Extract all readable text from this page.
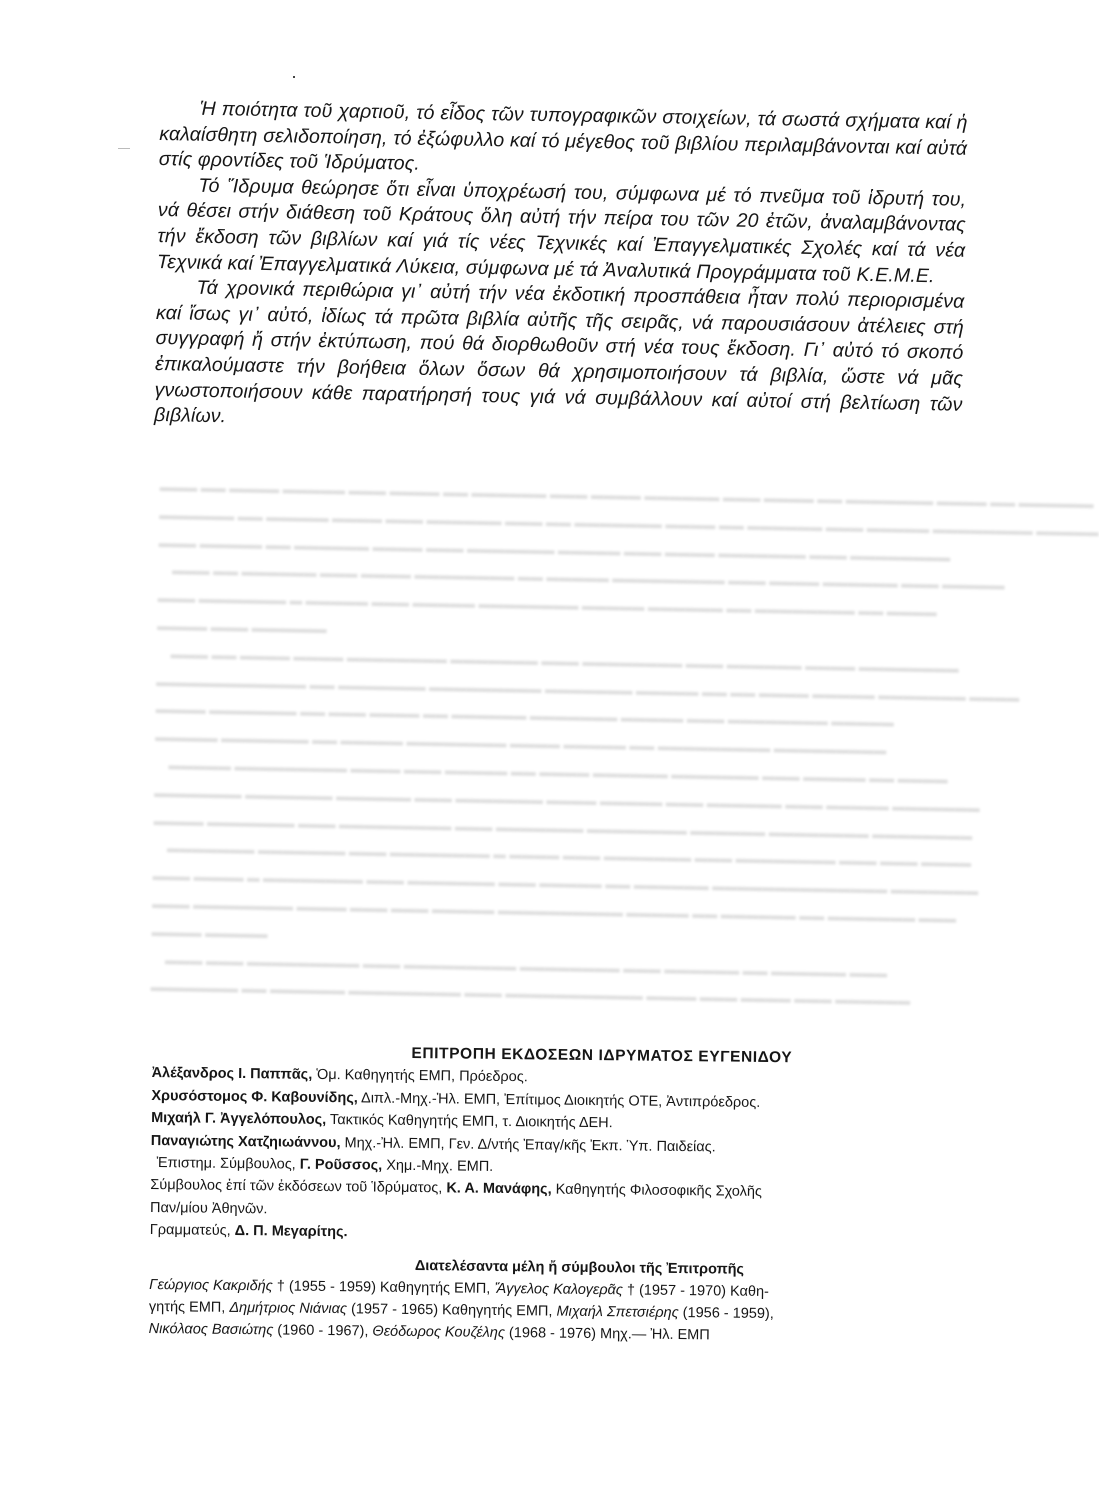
Ἡ ποιότητα τοῦ χαρτιοῦ, τό εἶδος τῶν τυπογραφικῶν στοιχείων, τά σωστά σχήματα καί ἡ καλαίσθητη σελιδοποίηση, τό ἐξώφυλλο καί τό μέγεθος τοῦ βιβλίου περιλαμβάνονται καί αὐτά στίς φροντίδες τοῦ Ἱδρύματος.

Τό Ἵδρυμα θεώρησε ὅτι εἶναι ὑποχρέωσή του, σύμφωνα μέ τό πνεῦμα τοῦ ἱδρυτή του, νά θέσει στήν διάθεση τοῦ Κράτους ὅλη αὐτή τήν πείρα του τῶν 20 ἐτῶν, ἀναλαμβάνοντας τήν ἔκδοση τῶν βιβλίων καί γιά τίς νέες Τεχνικές καί Ἐπαγγελματικές Σχολές καί τά νέα Τεχνικά καί Ἐπαγγελματικά Λύκεια, σύμφωνα μέ τά Ἀναλυτικά Προγράμματα τοῦ Κ.Ε.Μ.Ε.

Τά χρονικά περιθώρια γι᾽ αὐτή τήν νέα ἐκδοτική προσπάθεια ἦταν πολύ περιορισμένα καί ἴσως γι᾽ αὐτό, ἰδίως τά πρῶτα βιβλία αὐτῆς τῆς σειρᾶς, νά παρουσιάσουν ἀτέλειες στή συγγραφή ἤ στήν ἐκτύπωση, πού θά διορθωθοῦν στή νέα τους ἔκδοση. Γι᾽ αὐτό τό σκοπό ἐπικαλούμαστε τήν βοήθεια ὅλων ὅσων θά χρησιμοποιήσουν τά βιβλία, ὥστε νά μᾶς γνωστοποιήσουν κάθε παρατήρησή τους γιά νά συμβάλλουν καί αὐτοί στή βελτίωση τῶν βιβλίων.

▬▬▬ ▬▬ ▬▬▬▬ ▬▬▬▬▬ ▬▬▬ ▬▬▬▬ ▬▬ ▬▬▬▬▬▬ ▬▬▬ ▬▬▬▬ ▬▬▬▬▬▬ ▬▬▬ ▬▬▬▬ ▬▬ ▬▬▬▬▬▬▬ ▬▬▬▬ ▬▬ ▬▬▬▬▬▬
▬▬▬▬▬▬ ▬▬ ▬▬▬▬▬ ▬▬▬▬ ▬▬▬ ▬▬▬▬▬▬ ▬▬▬ ▬▬ ▬▬▬▬▬▬▬ ▬▬▬▬ ▬▬ ▬▬▬▬▬▬ ▬▬▬ ▬▬▬▬▬ ▬▬▬▬▬▬▬▬ ▬▬▬▬▬
▬▬▬ ▬▬▬▬▬ ▬▬ ▬▬▬▬▬▬ ▬▬▬▬ ▬▬▬ ▬▬▬▬▬▬▬ ▬▬▬▬▬ ▬▬▬ ▬▬▬▬ ▬▬▬▬▬▬▬ ▬▬▬ ▬▬▬▬▬▬▬▬
▬▬▬ ▬▬ ▬▬▬▬▬▬ ▬▬▬ ▬▬▬▬ ▬▬▬▬▬▬▬▬ ▬▬ ▬▬▬▬▬ ▬▬▬▬▬▬▬▬▬ ▬▬▬ ▬▬▬▬ ▬▬▬▬▬▬ ▬▬▬ ▬▬▬▬▬
▬▬▬ ▬▬▬▬▬▬▬ ▬ ▬▬▬▬▬ ▬▬▬ ▬▬▬▬▬ ▬▬▬▬▬▬▬▬ ▬▬▬▬▬ ▬▬▬▬▬▬ ▬▬ ▬▬▬▬▬▬▬▬ ▬▬ ▬▬▬▬
▬▬▬▬ ▬▬▬ ▬▬▬▬▬▬
▬▬▬ ▬▬ ▬▬▬▬ ▬▬▬▬ ▬▬▬▬▬▬▬▬ ▬▬▬▬▬▬▬ ▬▬▬ ▬▬▬▬▬▬▬▬ ▬▬▬ ▬▬▬▬▬▬ ▬▬▬▬ ▬▬▬▬▬▬▬▬
▬▬▬▬▬▬▬▬▬▬▬▬ ▬▬ ▬▬▬▬▬▬▬ ▬▬▬▬▬▬▬▬▬ ▬▬▬▬▬▬▬ ▬▬▬▬▬ ▬▬ ▬▬ ▬▬▬▬ ▬▬▬▬▬ ▬▬▬▬▬▬▬ ▬▬▬▬
▬▬▬▬ ▬▬▬▬▬▬▬ ▬▬ ▬▬▬ ▬▬▬▬ ▬▬ ▬▬▬▬▬▬ ▬▬▬▬▬▬▬ ▬▬▬▬▬ ▬▬▬ ▬▬▬▬▬▬▬▬ ▬▬▬▬▬
▬▬▬▬▬ ▬▬▬▬▬▬▬ ▬▬ ▬▬▬▬▬ ▬▬▬▬▬▬▬▬ ▬▬▬▬ ▬▬▬▬▬ ▬▬ ▬▬▬▬▬▬▬▬▬ ▬▬▬▬▬▬▬▬▬
▬▬▬▬▬ ▬▬▬▬▬▬▬▬▬ ▬▬▬▬ ▬▬▬ ▬▬▬▬▬ ▬▬ ▬▬▬▬ ▬▬▬▬▬▬ ▬▬▬▬▬▬▬ ▬▬▬ ▬▬▬▬▬ ▬▬ ▬▬▬▬
▬▬▬▬▬▬▬ ▬▬▬▬▬▬▬ ▬▬▬▬▬▬ ▬▬▬ ▬▬▬▬▬▬▬ ▬▬▬▬ ▬▬▬▬▬ ▬▬▬ ▬▬▬▬▬▬ ▬▬▬ ▬▬▬▬▬ ▬▬▬▬▬▬▬
▬▬▬▬ ▬▬▬▬▬▬▬ ▬▬▬ ▬▬▬▬▬▬▬▬▬ ▬▬▬ ▬▬▬▬▬▬▬ ▬▬▬▬▬▬▬▬ ▬▬▬▬▬▬ ▬▬▬▬▬▬▬▬ ▬▬▬▬▬▬▬▬
▬▬▬▬▬▬▬ ▬▬▬▬▬▬▬ ▬▬▬ ▬▬▬▬▬▬▬▬ ▬ ▬▬▬▬ ▬▬▬ ▬▬▬▬▬▬▬ ▬▬▬ ▬▬▬▬▬▬▬▬ ▬▬▬ ▬▬▬ ▬▬▬▬
▬▬▬ ▬▬▬▬ ▬ ▬▬▬▬▬▬▬▬ ▬▬▬ ▬▬▬▬▬▬▬ ▬▬▬ ▬▬▬▬▬ ▬▬ ▬▬▬▬▬▬ ▬▬▬▬▬▬▬▬▬▬▬▬▬▬ ▬▬▬▬▬▬▬
▬▬▬ ▬▬▬▬▬▬▬▬ ▬▬▬▬ ▬▬▬ ▬▬▬ ▬▬▬▬▬ ▬▬▬▬▬▬▬▬▬▬ ▬▬▬▬▬ ▬▬ ▬▬▬▬▬▬ ▬▬ ▬▬▬▬▬▬▬ ▬▬▬
▬▬▬▬ ▬▬▬▬▬
▬▬▬ ▬▬▬ ▬▬▬▬▬▬▬▬▬ ▬▬▬ ▬▬▬▬▬▬▬▬▬ ▬▬▬▬▬▬▬▬ ▬▬▬ ▬▬▬▬▬▬ ▬▬ ▬▬▬▬▬▬ ▬▬▬
▬▬▬▬▬▬▬ ▬▬ ▬▬▬▬▬▬ ▬▬▬▬▬▬▬▬▬ ▬▬▬ ▬▬▬▬▬▬▬▬▬▬▬ ▬▬▬▬ ▬▬▬ ▬▬▬▬ ▬▬▬ ▬▬▬▬▬▬
ΕΠΙΤΡΟΠΗ ΕΚΔΟΣΕΩΝ ΙΔΡΥΜΑΤΟΣ ΕΥΓΕΝΙΔΟΥ
Ἀλέξανδρος Ι. Παππᾶς, Ὁμ. Καθηγητής ΕΜΠ, Πρόεδρος.
Χρυσόστομος Φ. Καβουνίδης, Διπλ.-Μηχ.-Ἠλ. ΕΜΠ, Ἐπίτιμος Διοικητής ΟΤΕ, Ἀντιπρόεδρος.
Μιχαήλ Γ. Ἀγγελόπουλος, Τακτικός Καθηγητής ΕΜΠ, τ. Διοικητής ΔΕΗ.
Παναγιώτης Χατζηιωάννου, Μηχ.-Ἠλ. ΕΜΠ, Γεν. Δ/ντής Ἐπαγ/κῆς Ἐκπ. Ὑπ. Παιδείας.
Ἐπιστημ. Σύμβουλος, Γ. Ροῦσσος, Χημ.-Μηχ. ΕΜΠ.
Σύμβουλος ἐπί τῶν ἐκδόσεων τοῦ Ἱδρύματος, Κ. Α. Μανάφης, Καθηγητής Φιλοσοφικῆς Σχολῆς
Παν/μίου Ἀθηνῶν.
Γραμματεύς, Δ. Π. Μεγαρίτης.
Διατελέσαντα μέλη ἤ σύμβουλοι τῆς Ἐπιτροπῆς
Γεώργιος Κακριδής † (1955 - 1959) Καθηγητής ΕΜΠ, Ἄγγελος Καλογερᾶς † (1957 - 1970) Καθη-
γητής ΕΜΠ, Δημήτριος Νιάνιας (1957 - 1965) Καθηγητής ΕΜΠ, Μιχαήλ Σπετσιέρης (1956 - 1959),
Νικόλαος Βασιώτης (1960 - 1967), Θεόδωρος Κουζέλης (1968 - 1976) Μηχ.— Ἠλ. ΕΜΠ
